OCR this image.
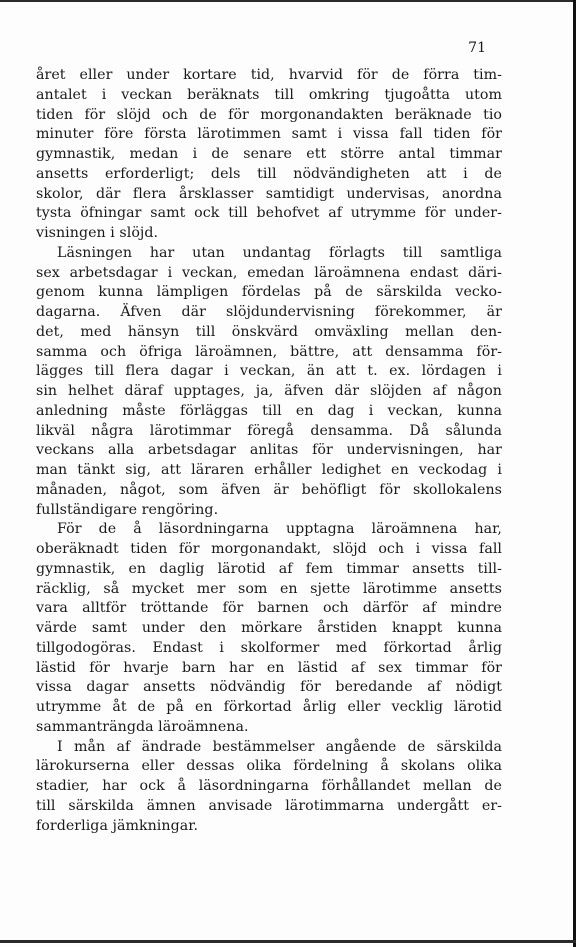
71
året eller under kortare tid, hvarvid för de förra tim-
antalet i veckan beräknats till omkring tjugoåtta utom
tiden för slöjd och de för morgonandakten beräknade tio
minuter före första lärotimmen samt i vissa fall tiden för
gymnastik, medan i de senare ett större antal timmar
ansetts erforderligt; dels till nödvändigheten att i de
skolor, där flera årsklasser samtidigt undervisas, anordna
tysta öfningar samt ock till behofvet af utrymme för under-
visningen i slöjd.
Läsningen har utan undantag förlagts till samtliga
sex arbetsdagar i veckan, emedan läroämnena endast däri-
genom kunna lämpligen fördelas på de särskilda vecko-
dagarna. Äfven där slöjdundervisning förekommer, är
det, med hänsyn till önskvärd omväxling mellan den-
samma och öfriga läroämnen, bättre, att densamma för-
lägges till flera dagar i veckan, än att t. ex. lördagen i
sin helhet däraf upptages, ja, äfven där slöjden af någon
anledning måste förläggas till en dag i veckan, kunna
likväl några lärotimmar föregå densamma. Då sålunda
veckans alla arbetsdagar anlitas för undervisningen, har
man tänkt sig, att läraren erhåller ledighet en veckodag i
månaden, något, som äfven är behöfligt för skollokalens
fullständigare rengöring.
För de å läsordningarna upptagna läroämnena har,
oberäknadt tiden för morgonandakt, slöjd och i vissa fall
gymnastik, en daglig lärotid af fem timmar ansetts till-
räcklig, så mycket mer som en sjette lärotimme ansetts
vara alltför tröttande för barnen och därför af mindre
värde samt under den mörkare årstiden knappt kunna
tillgodogöras. Endast i skolformer med förkortad årlig
lästid för hvarje barn har en lästid af sex timmar för
vissa dagar ansetts nödvändig för beredande af nödigt
utrymme åt de på en förkortad årlig eller vecklig lärotid
sammanträngda läroämnena.
I mån af ändrade bestämmelser angående de särskilda
lärokurserna eller dessas olika fördelning å skolans olika
stadier, har ock å läsordningarna förhållandet mellan de
till särskilda ämnen anvisade lärotimmarna undergått er-
forderliga jämkningar.
